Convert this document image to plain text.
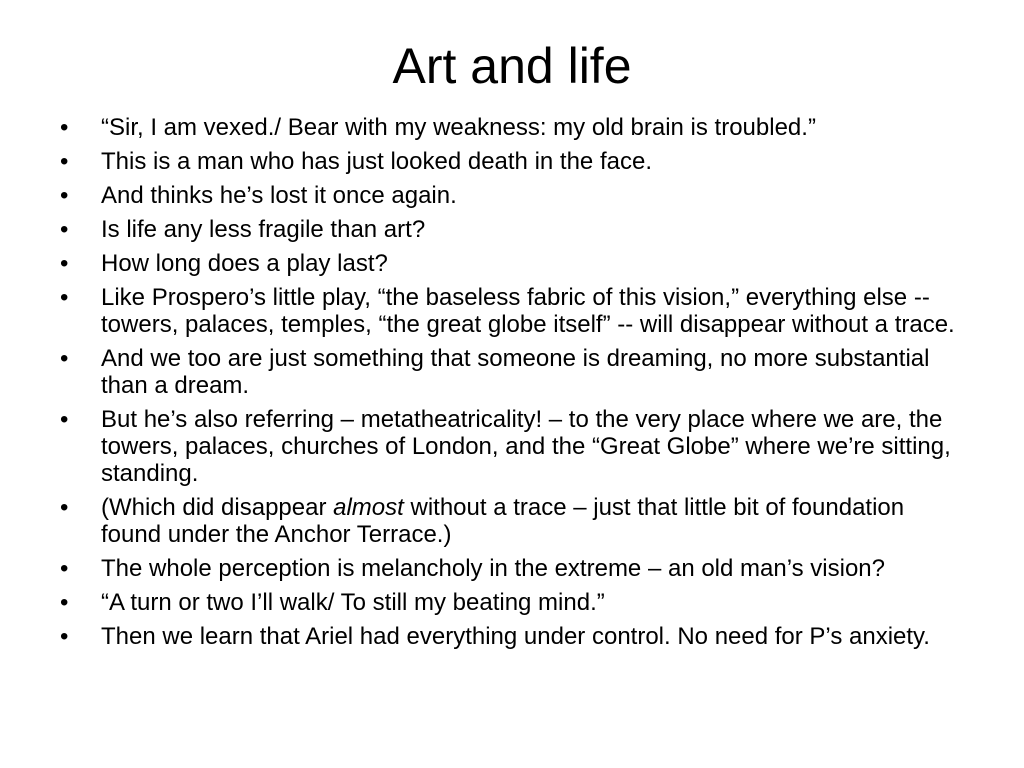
Art and life
•	“Sir, I am vexed./ Bear with my weakness: my old brain is troubled.”
•	This is a man who has just looked death in the face.
•	And thinks he’s lost it once again.
•	Is life any less fragile than art?
•	How long does a play last?
•	Like Prospero’s little play, “the baseless fabric of this vision,” everything else -- towers, palaces, temples, “the great globe itself” -- will disappear without a trace.
•	And we too are just something that someone is dreaming, no more substantial than a dream.
•	But he’s also referring – metatheatricality! – to the very place where we are, the towers, palaces, churches of London, and the “Great Globe” where we’re sitting, standing.
•	(Which did disappear almost without a trace – just that little bit of foundation found under the Anchor Terrace.)
•	The whole perception is melancholy in the extreme – an old man’s vision?
•	“A turn or two I’ll walk/ To still my beating mind.”
•	Then we learn that Ariel had everything under control. No need for P’s anxiety.
